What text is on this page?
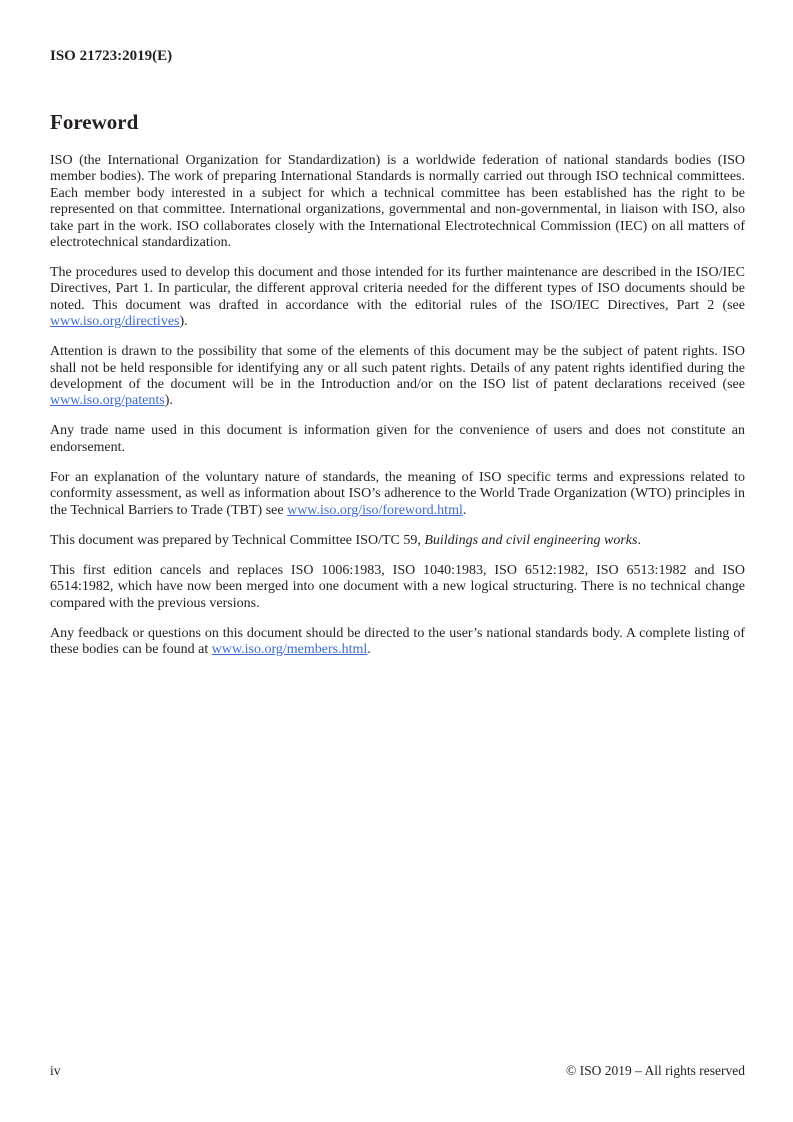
ISO 21723:2019(E)
Foreword

ISO (the International Organization for Standardization) is a worldwide federation of national standards bodies (ISO member bodies). The work of preparing International Standards is normally carried out through ISO technical committees. Each member body interested in a subject for which a technical committee has been established has the right to be represented on that committee. International organizations, governmental and non-governmental, in liaison with ISO, also take part in the work. ISO collaborates closely with the International Electrotechnical Commission (IEC) on all matters of electrotechnical standardization.

The procedures used to develop this document and those intended for its further maintenance are described in the ISO/IEC Directives, Part 1. In particular, the different approval criteria needed for the different types of ISO documents should be noted. This document was drafted in accordance with the editorial rules of the ISO/IEC Directives, Part 2 (see www.iso.org/directives).

Attention is drawn to the possibility that some of the elements of this document may be the subject of patent rights. ISO shall not be held responsible for identifying any or all such patent rights. Details of any patent rights identified during the development of the document will be in the Introduction and/or on the ISO list of patent declarations received (see www.iso.org/patents).

Any trade name used in this document is information given for the convenience of users and does not constitute an endorsement.

For an explanation of the voluntary nature of standards, the meaning of ISO specific terms and expressions related to conformity assessment, as well as information about ISO’s adherence to the World Trade Organization (WTO) principles in the Technical Barriers to Trade (TBT) see www.iso​.org/iso/foreword.html.

This document was prepared by Technical Committee ISO/TC 59, Buildings and civil engineering works.

This first edition cancels and replaces ISO 1006:1983, ISO 1040:1983, ISO 6512:1982, ISO 6513:1982 and ISO 6514:1982, which have now been merged into one document with a new logical structuring. There is no technical change compared with the previous versions.

Any feedback or questions on this document should be directed to the user’s national standards body. A complete listing of these bodies can be found at www.iso.org/members.html.

iv	© ISO 2019 – All rights reserved
